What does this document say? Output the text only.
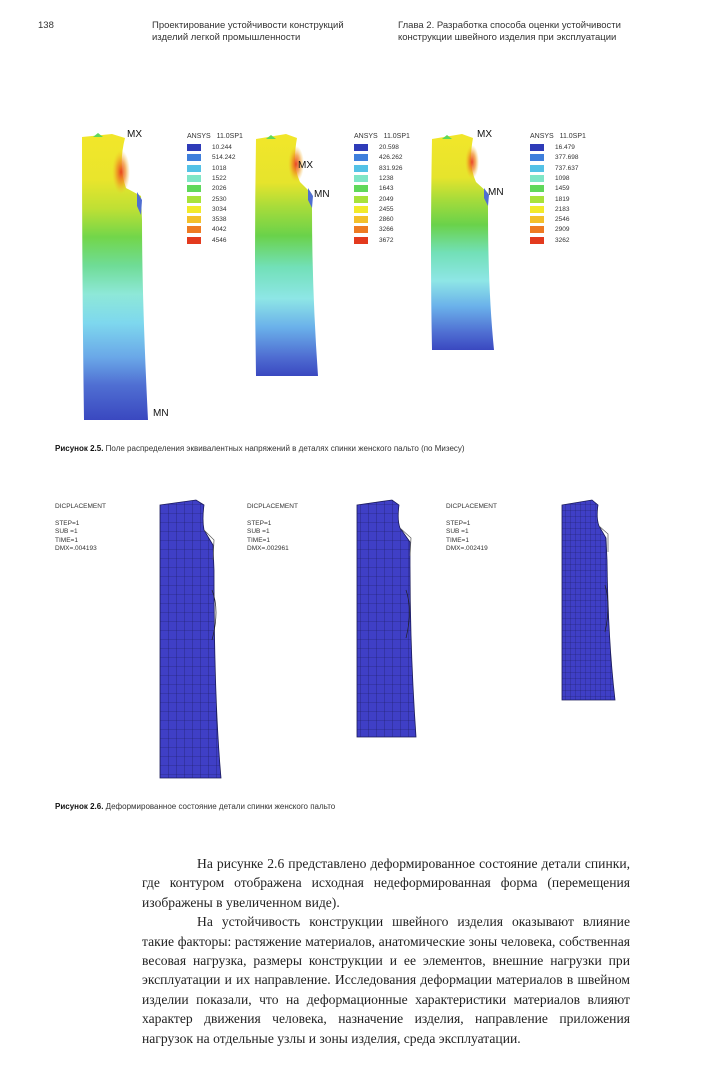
138	Проектирование устойчивости конструкций изделий легкой промышленности
Глава 2. Разработка способа оценки устойчивости конструкции швейного изделия при эксплуатации
MX
MN
MX
MN
MX
MN
ANSYS 11.0SP1	ANSYS 11.0SP1	ANSYS 11.0SP1
10.244
514.242
1018
1522
2026
2530
3034
3538
4042
4546
20.598
426.262
831.926
1238
1643
2049
2455
2860
3266
3672
16.479
377.698
737.637
1098
1459
1819
2183
2546
2909
3262
Рисунок 2.5. Поле распределения эквивалентных напряжений в деталях спинки женского пальто (по Мизесу)
DICPLACEMENT
STEP=1
SUB =1
TIME=1
DMX=.004193
DICPLACEMENT
STEP=1
SUB =1
TIME=1
DMX=.002961
DICPLACEMENT
STEP=1
SUB =1
TIME=1
DMX=.002419
Рисунок 2.6. Деформированное состояние детали спинки женского пальто

На рисунке 2.6 представлено деформированное состояние детали спинки, где контуром отображена исходная недеформированная форма (перемещения изображены в увеличенном виде).

На устойчивость конструкции швейного изделия оказывают влияние такие факторы: растяжение материалов, анатомические зоны человека, собственная весовая нагрузка, размеры конструкции и ее элементов, внешние нагрузки при эксплуатации и их направление. Исследования деформации материалов в швейном изделии показали, что на деформационные характеристики материалов влияют характер движения человека, назначение изделия, направление приложения нагрузок на отдельные узлы и зоны изделия, среда эксплуатации.
